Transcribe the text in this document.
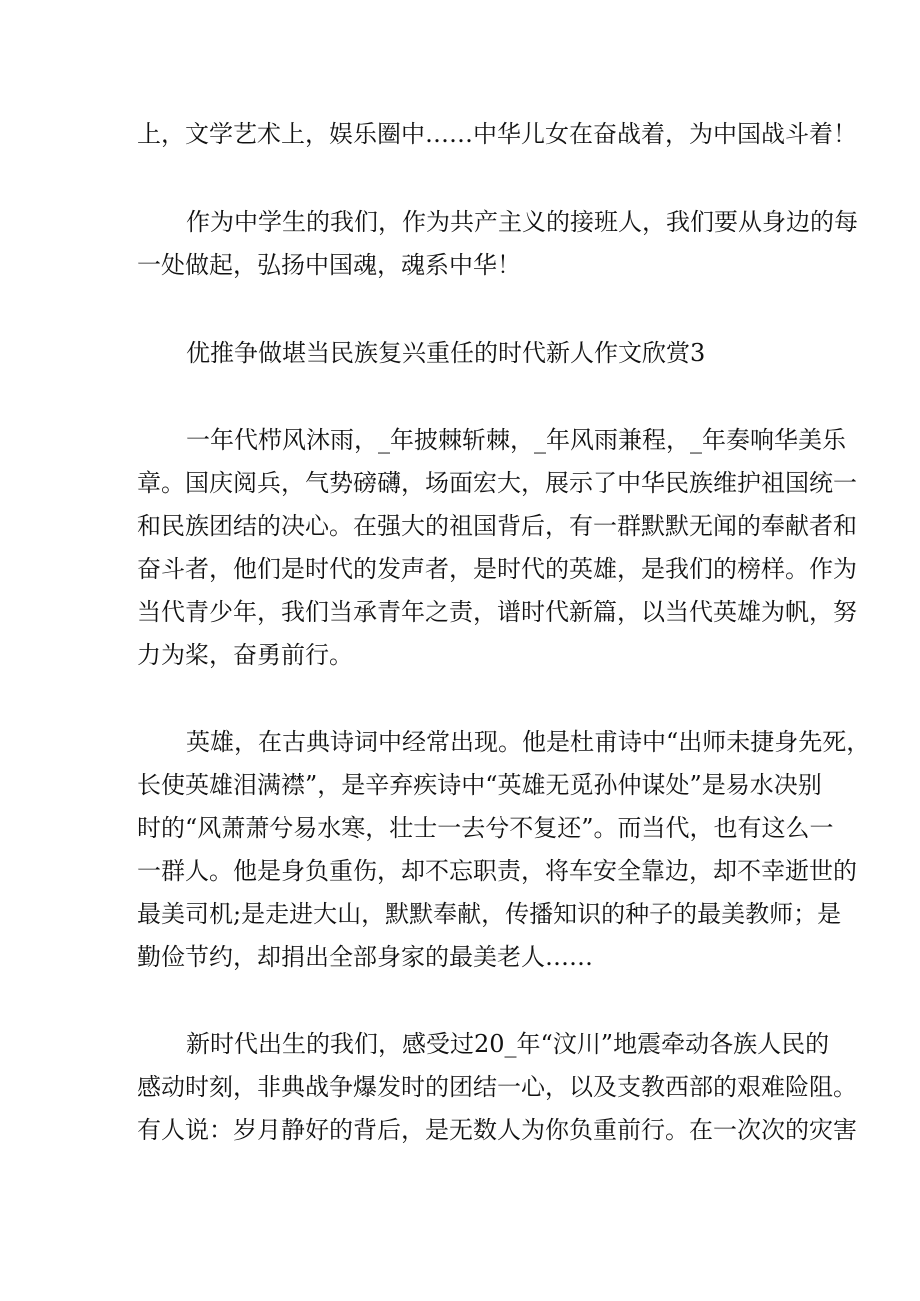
上，文学艺术上，娱乐圈中……中华儿女在奋战着，为中国战斗着！
作为中学生的我们，作为共产主义的接班人，我们要从身边的每
一处做起，弘扬中国魂，魂系中华！
优推争做堪当民族复兴重任的时代新人作文欣赏3
一年代栉风沐雨，_年披棘斩棘，_年风雨兼程，_年奏响华美乐
章。国庆阅兵，气势磅礴，场面宏大，展示了中华民族维护祖国统一
和民族团结的决心。在强大的祖国背后，有一群默默无闻的奉献者和
奋斗者，他们是时代的发声者，是时代的英雄，是我们的榜样。作为
当代青少年，我们当承青年之责，谱时代新篇，以当代英雄为帆，努
力为桨，奋勇前行。
英雄，在古典诗词中经常出现。他是杜甫诗中“出师未捷身先死，
长使英雄泪满襟”，是辛弃疾诗中“英雄无觅孙仲谋处”是易水决别
时的“风萧萧兮易水寒，壮士一去兮不复还”。而当代，也有这么一
一群人。他是身负重伤，却不忘职责，将车安全靠边，却不幸逝世的
最美司机;是走进大山，默默奉献，传播知识的种子的最美教师；是
勤俭节约，却捐出全部身家的最美老人……
新时代出生的我们，感受过20_年“汶川”地震牵动各族人民的
感动时刻，非典战争爆发时的团结一心，以及支教西部的艰难险阻。
有人说：岁月静好的背后，是无数人为你负重前行。在一次次的灾害
